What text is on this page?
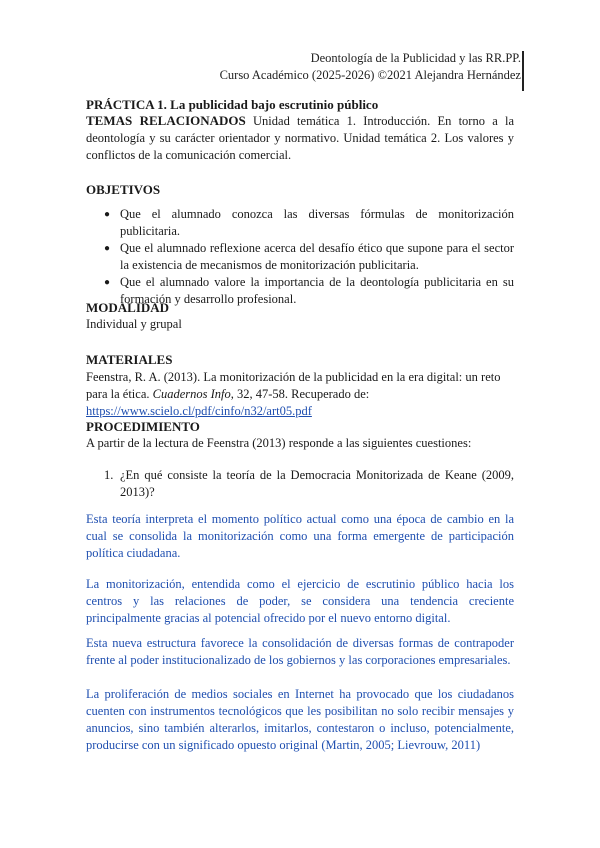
Deontología de la Publicidad y las RR.PP.
Curso Académico (2025-2026) ©2021 Alejandra Hernández
PRÁCTICA 1. La publicidad bajo escrutinio público
TEMAS RELACIONADOS Unidad temática 1. Introducción. En torno a la deontología y su carácter orientador y normativo. Unidad temática 2. Los valores y conflictos de la comunicación comercial.
OBJETIVOS
● Que el alumnado conozca las diversas fórmulas de monitorización publicitaria.
● Que el alumnado reflexione acerca del desafío ético que supone para el sector la existencia de mecanismos de monitorización publicitaria.
● Que el alumnado valore la importancia de la deontología publicitaria en su formación y desarrollo profesional.
MODALIDAD
Individual y grupal
MATERIALES
Feenstra, R. A. (2013). La monitorización de la publicidad en la era digital: un reto para la ética. Cuadernos Info, 32, 47-58. Recuperado de:
https://www.scielo.cl/pdf/cinfo/n32/art05.pdf
PROCEDIMIENTO
A partir de la lectura de Feenstra (2013) responde a las siguientes cuestiones:
1. ¿En qué consiste la teoría de la Democracia Monitorizada de Keane (2009, 2013)?
Esta teoría interpreta el momento político actual como una época de cambio en la cual se consolida la monitorización como una forma emergente de participación política ciudadana.
La monitorización, entendida como el ejercicio de escrutinio público hacia los centros y las relaciones de poder, se considera una tendencia creciente principalmente gracias al potencial ofrecido por el nuevo entorno digital.
Esta nueva estructura favorece la consolidación de diversas formas de contrapoder frente al poder institucionalizado de los gobiernos y las corporaciones empresariales.
La proliferación de medios sociales en Internet ha provocado que los ciudadanos cuenten con instrumentos tecnológicos que les posibilitan no solo recibir mensajes y anuncios, sino también alterarlos, imitarlos, contestaron o incluso, potencialmente, producirse con un significado opuesto original (Martin, 2005; Lievrouw, 2011)
